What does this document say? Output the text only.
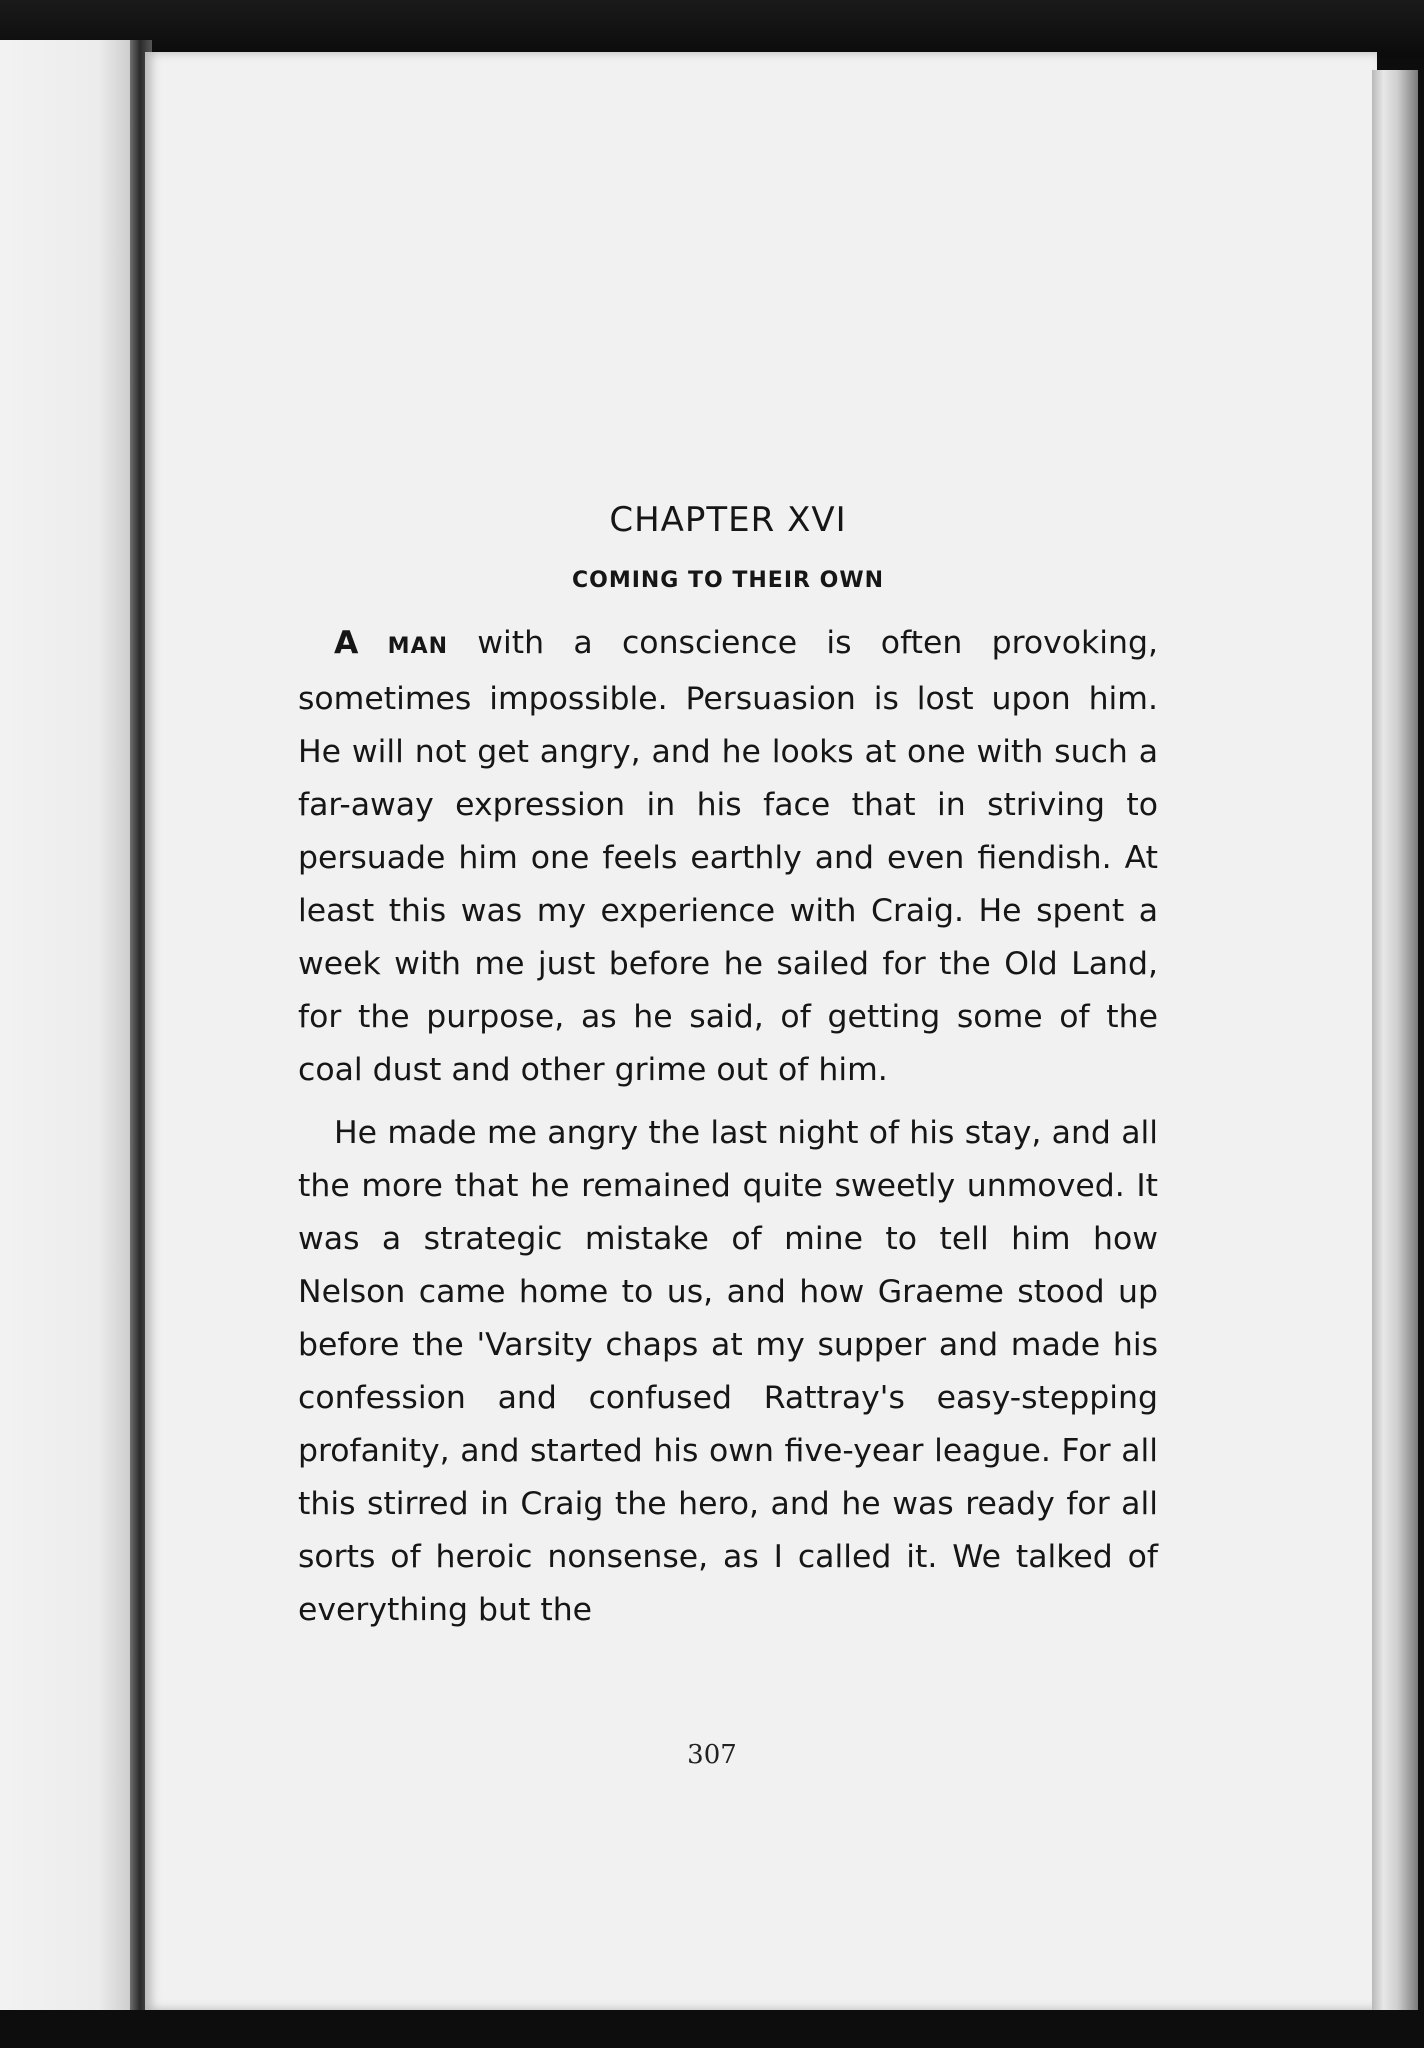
CHAPTER XVI
COMING TO THEIR OWN

A MAN with a conscience is often provoking, sometimes impossible. Persuasion is lost upon him. He will not get angry, and he looks at one with such a far-away expression in his face that in striving to persuade him one feels earthly and even fiendish. At least this was my experience with Craig. He spent a week with me just before he sailed for the Old Land, for the purpose, as he said, of getting some of the coal dust and other grime out of him.

He made me angry the last night of his stay, and all the more that he remained quite sweetly unmoved. It was a strategic mistake of mine to tell him how Nelson came home to us, and how Graeme stood up before the 'Varsity chaps at my supper and made his confession and confused Rattray's easy-stepping profanity, and started his own five-year league. For all this stirred in Craig the hero, and he was ready for all sorts of heroic nonsense, as I called it. We talked of everything but the

307
